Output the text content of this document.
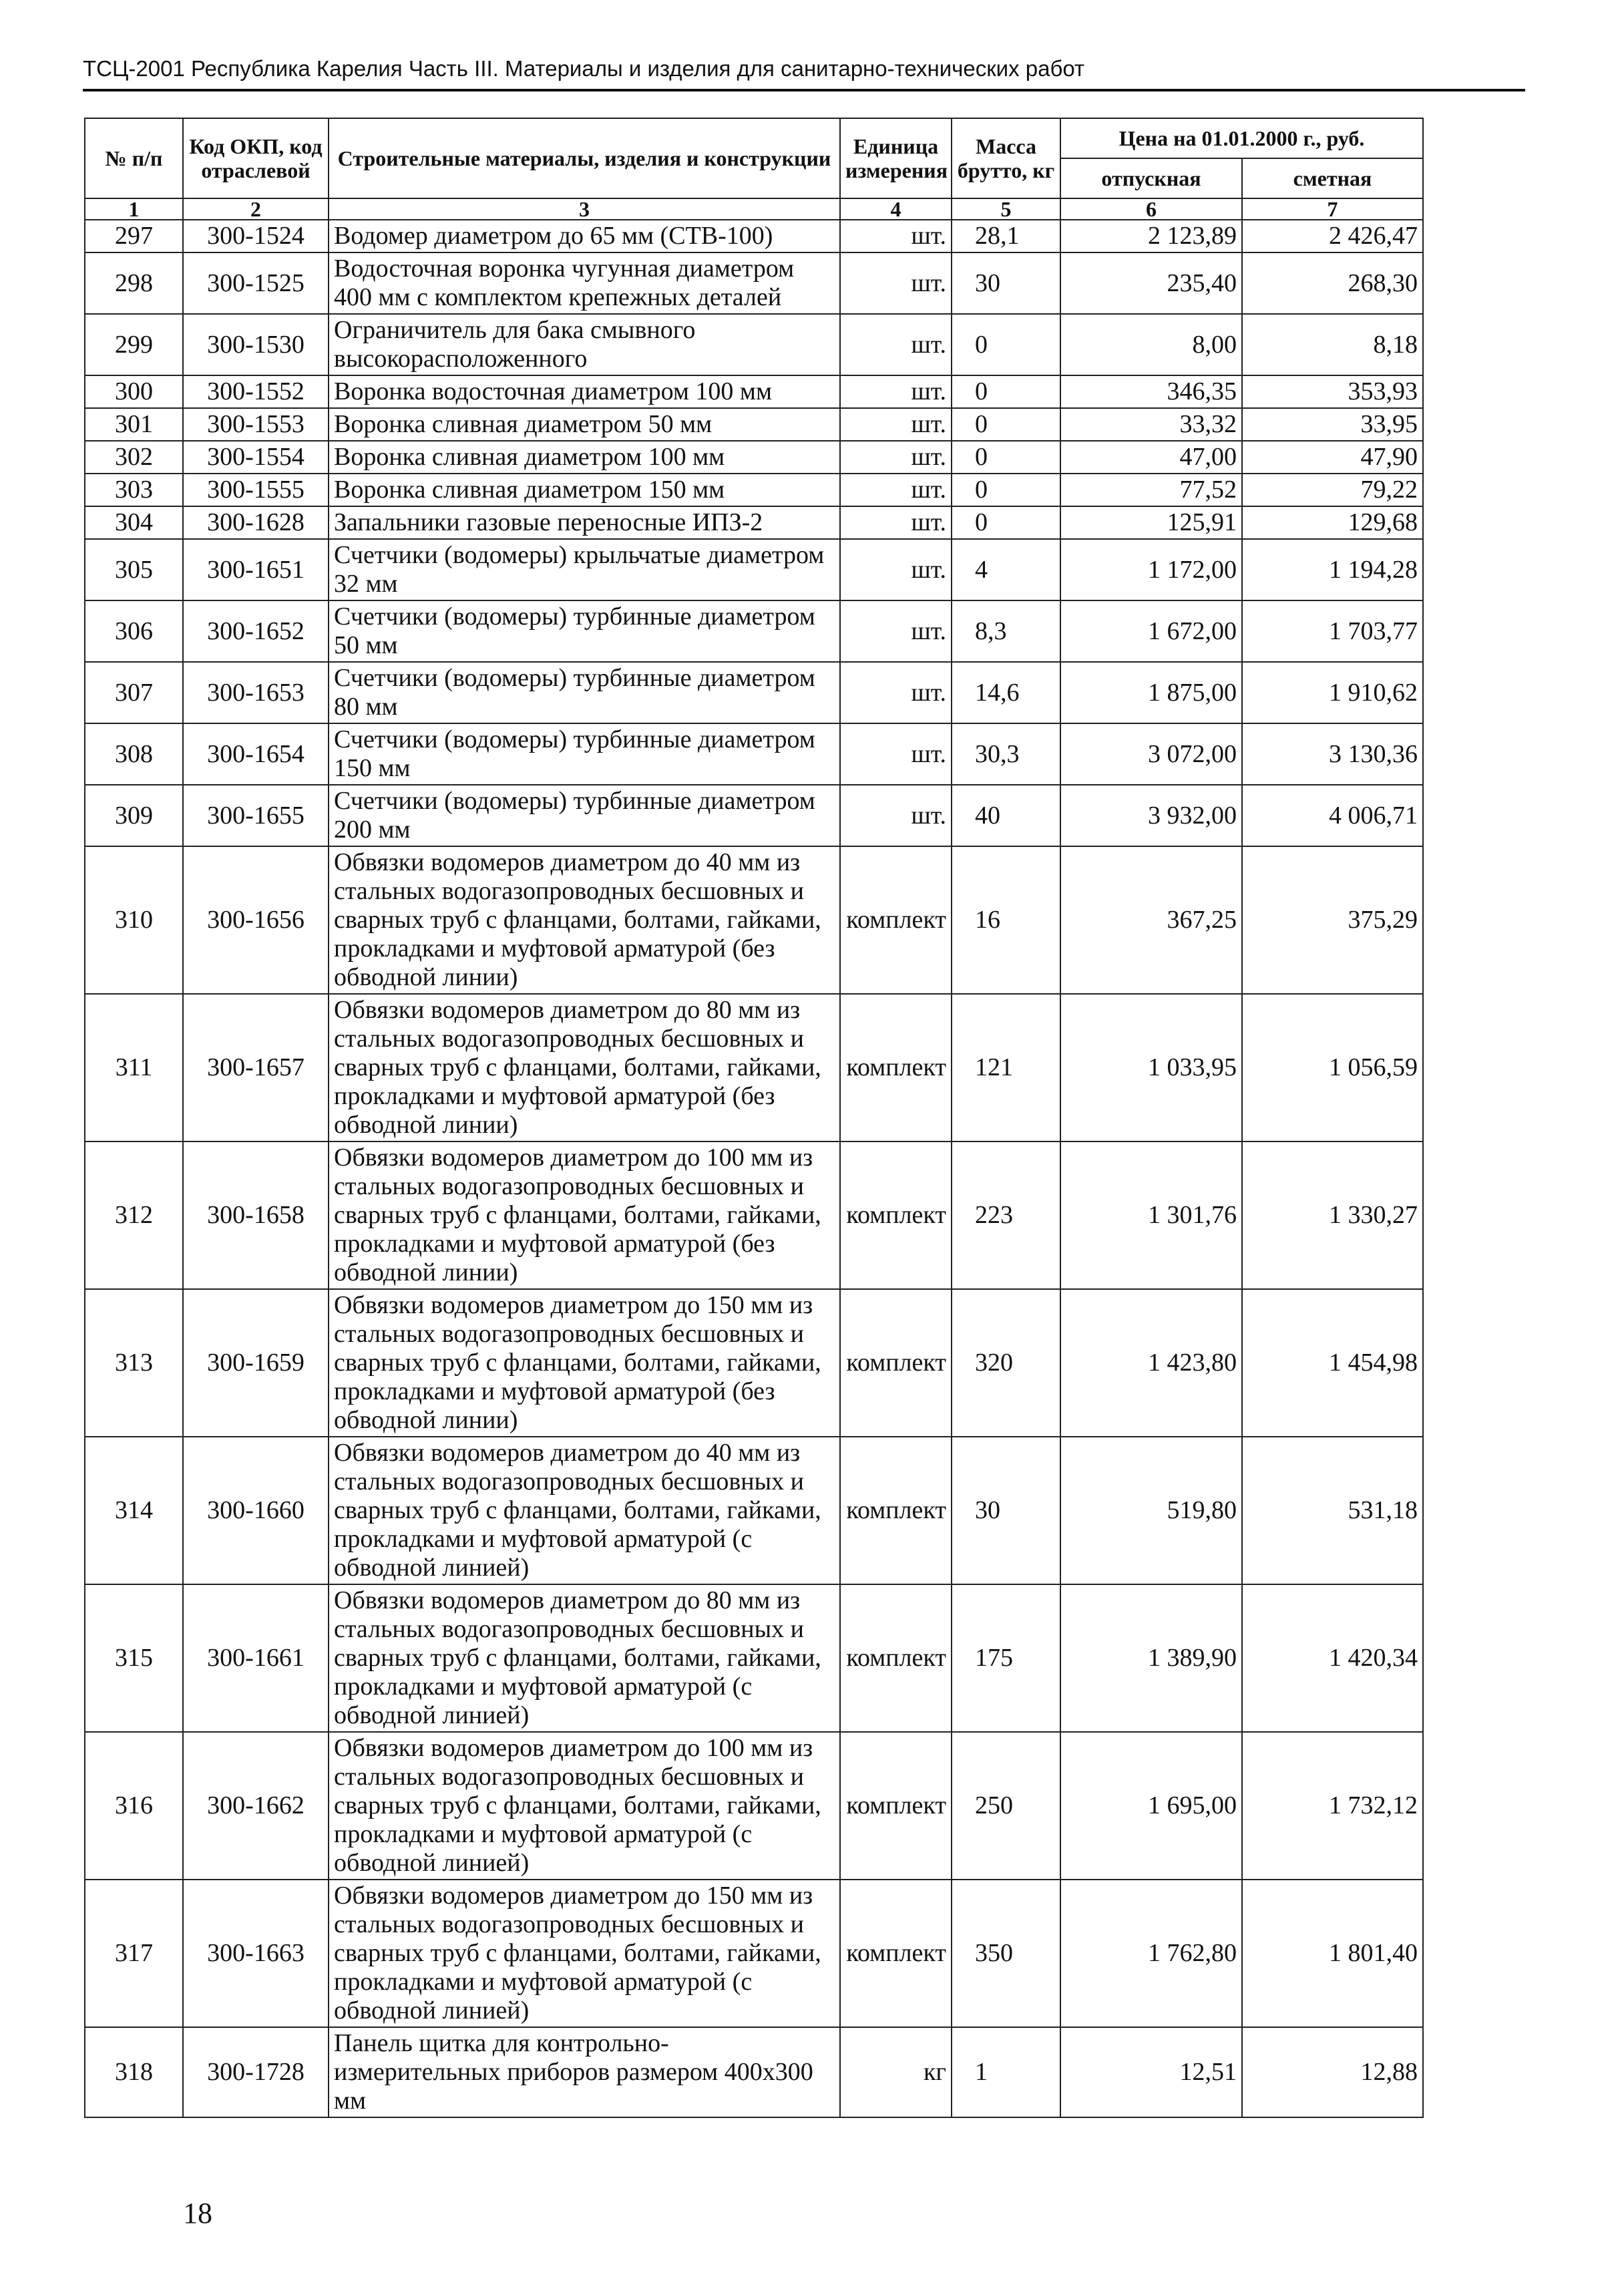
ТСЦ-2001 Республика Карелия Часть III. Материалы и изделия для санитарно-технических работ
№ п/п	Код ОКП, код отраслевой	Строительные материалы, изделия и конструкции	Единица измерения	Масса брутто, кг	Цена на 01.01.2000 г., руб.	
					отпускная	сметная
1	2	3	4	5	6	7
297	300-1524	Водомер диаметром до 65 мм (СТВ-100)	шт.	28,1	2 123,89	2 426,47
298	300-1525	Водосточная воронка чугунная диаметром 400 мм с комплектом крепежных деталей	шт.	30	235,40	268,30
299	300-1530	Ограничитель для бака смывного высокорасположенного	шт.	0	8,00	8,18
300	300-1552	Воронка водосточная диаметром 100 мм	шт.	0	346,35	353,93
301	300-1553	Воронка сливная диаметром 50 мм	шт.	0	33,32	33,95
302	300-1554	Воронка сливная диаметром 100 мм	шт.	0	47,00	47,90
303	300-1555	Воронка сливная диаметром 150 мм	шт.	0	77,52	79,22
304	300-1628	Запальники газовые переносные ИПЗ-2	шт.	0	125,91	129,68
305	300-1651	Счетчики (водомеры) крыльчатые диаметром 32 мм	шт.	4	1 172,00	1 194,28
306	300-1652	Счетчики (водомеры) турбинные диаметром 50 мм	шт.	8,3	1 672,00	1 703,77
307	300-1653	Счетчики (водомеры) турбинные диаметром 80 мм	шт.	14,6	1 875,00	1 910,62
308	300-1654	Счетчики (водомеры) турбинные диаметром 150 мм	шт.	30,3	3 072,00	3 130,36
309	300-1655	Счетчики (водомеры) турбинные диаметром 200 мм	шт.	40	3 932,00	4 006,71
310	300-1656	Обвязки водомеров диаметром до 40 мм из стальных водогазопроводных бесшовных и сварных труб с фланцами, болтами, гайками, прокладками и муфтовой арматурой (без обводной линии)	комплект	16	367,25	375,29
311	300-1657	Обвязки водомеров диаметром до 80 мм из стальных водогазопроводных бесшовных и сварных труб с фланцами, болтами, гайками, прокладками и муфтовой арматурой (без обводной линии)	комплект	121	1 033,95	1 056,59
312	300-1658	Обвязки водомеров диаметром до 100 мм из стальных водогазопроводных бесшовных и сварных труб с фланцами, болтами, гайками, прокладками и муфтовой арматурой (без обводной линии)	комплект	223	1 301,76	1 330,27
313	300-1659	Обвязки водомеров диаметром до 150 мм из стальных водогазопроводных бесшовных и сварных труб с фланцами, болтами, гайками, прокладками и муфтовой арматурой (без обводной линии)	комплект	320	1 423,80	1 454,98
314	300-1660	Обвязки водомеров диаметром до 40 мм из стальных водогазопроводных бесшовных и сварных труб с фланцами, болтами, гайками, прокладками и муфтовой арматурой (с обводной линией)	комплект	30	519,80	531,18
315	300-1661	Обвязки водомеров диаметром до 80 мм из стальных водогазопроводных бесшовных и сварных труб с фланцами, болтами, гайками, прокладками и муфтовой арматурой (с обводной линией)	комплект	175	1 389,90	1 420,34
316	300-1662	Обвязки водомеров диаметром до 100 мм из стальных водогазопроводных бесшовных и сварных труб с фланцами, болтами, гайками, прокладками и муфтовой арматурой (с обводной линией)	комплект	250	1 695,00	1 732,12
317	300-1663	Обвязки водомеров диаметром до 150 мм из стальных водогазопроводных бесшовных и сварных труб с фланцами, болтами, гайками, прокладками и муфтовой арматурой (с обводной линией)	комплект	350	1 762,80	1 801,40
318	300-1728	Панель щитка для контрольно-измерительных приборов размером 400х300 мм	кг	1	12,51	12,88
18
